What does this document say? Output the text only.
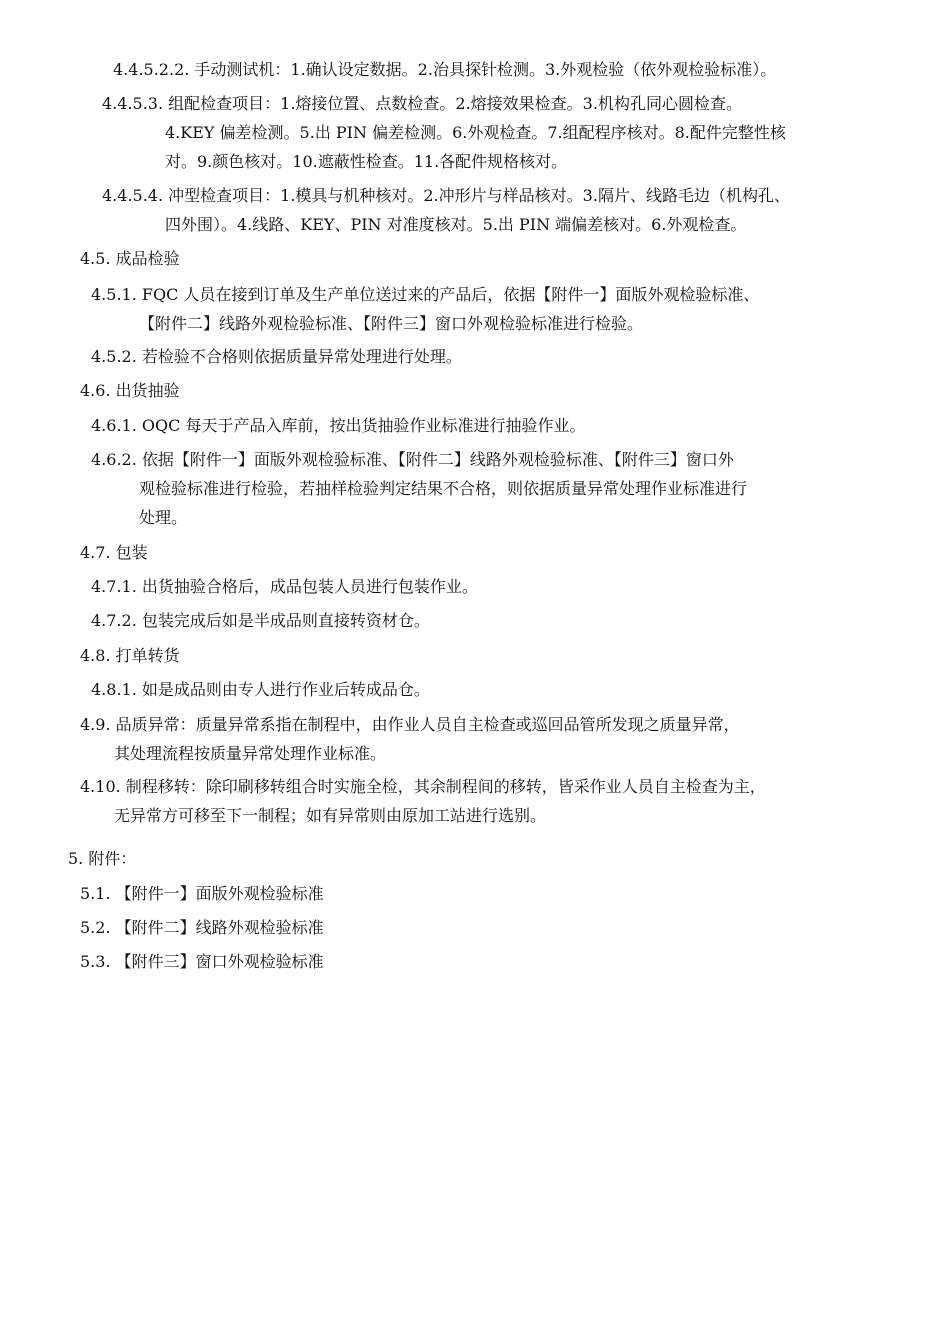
4.4.5.2.2. 手动测试机：1.确认设定数据。2.治具探针检测。3.外观检验（依外观检验标准）。

4.4.5.3. 组配检查项目：1.熔接位置、点数检查。2.熔接效果检查。3.机构孔同心圆检查。
4.KEY 偏差检测。5.出 PIN 偏差检测。6.外观检查。7.组配程序核对。8.配件完整性核
对。9.颜色核对。10.遮蔽性检查。11.各配件规格核对。

4.4.5.4. 冲型检查项目：1.模具与机种核对。2.冲形片与样品核对。3.隔片、线路毛边（机构孔、
四外围）。4.线路、KEY、PIN 对准度核对。5.出 PIN 端偏差核对。6.外观检查。

4.5. 成品检验

4.5.1. FQC 人员在接到订单及生产单位送过来的产品后，依据【附件一】面版外观检验标准、
【附件二】线路外观检验标准、【附件三】窗口外观检验标准进行检验。

4.5.2. 若检验不合格则依据质量异常处理进行处理。

4.6. 出货抽验

4.6.1. OQC 每天于产品入库前，按出货抽验作业标准进行抽验作业。

4.6.2. 依据【附件一】面版外观检验标准、【附件二】线路外观检验标准、【附件三】窗口外
观检验标准进行检验，若抽样检验判定结果不合格，则依据质量异常处理作业标准进行
处理。

4.7. 包装

4.7.1. 出货抽验合格后，成品包装人员进行包装作业。

4.7.2. 包装完成后如是半成品则直接转资材仓。

4.8. 打单转货

4.8.1. 如是成品则由专人进行作业后转成品仓。

4.9. 品质异常：质量异常系指在制程中，由作业人员自主检查或巡回品管所发现之质量异常，
其处理流程按质量异常处理作业标准。

4.10. 制程移转：除印刷移转组合时实施全检，其余制程间的移转，皆采作业人员自主检查为主，
无异常方可移至下一制程；如有异常则由原加工站进行选别。

5. 附件：

5.1. 【附件一】面版外观检验标准

5.2. 【附件二】线路外观检验标准

5.3. 【附件三】窗口外观检验标准
